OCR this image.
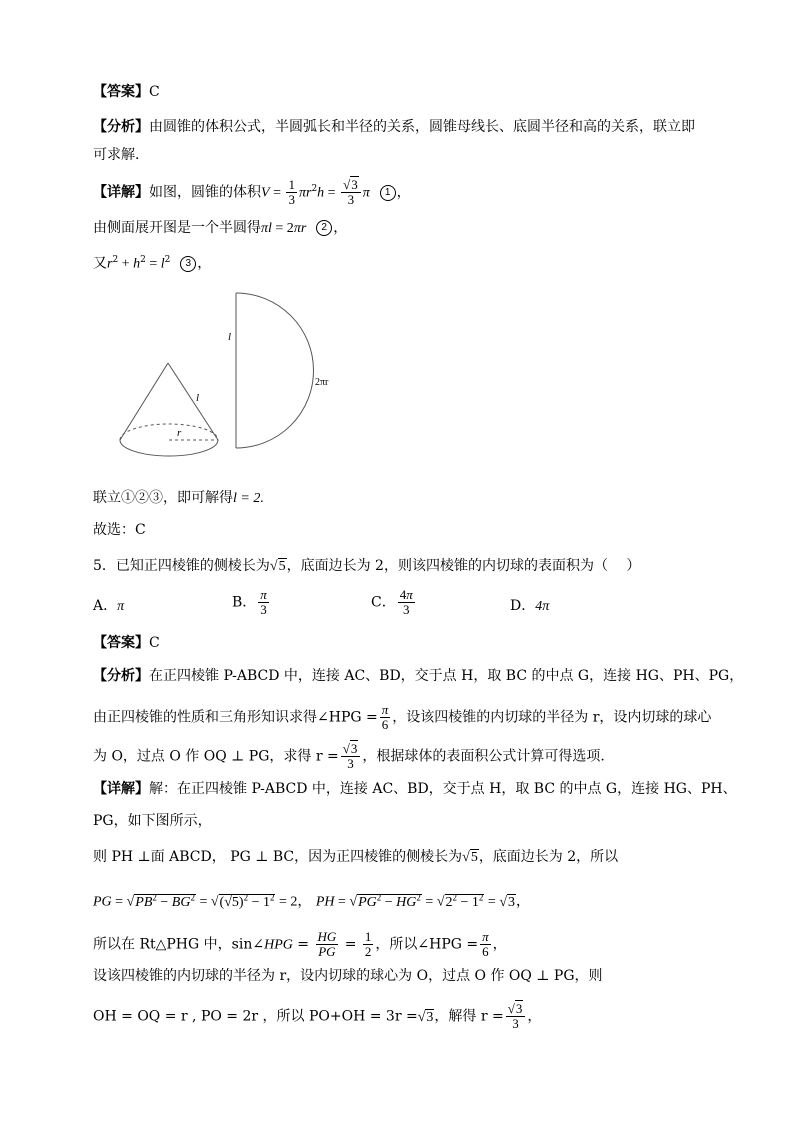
【答案】C
【分析】由圆锥的体积公式，半圆弧长和半径的关系，圆锥母线长、底圆半径和高的关系，联立即
可求解.
【详解】如图，圆锥的体积$V = \frac{1}{3} \pi r^2h = \frac{√3}{3}$ π 1 ，
由侧面展开图是一个半圆得πl = 2πr 2 ，
又$r^2 + h^2 = l^2$ 3 ，
l
r
l
2πr
联立①②③，即可解得l = 2.
故选：C
5．已知正四棱锥的侧棱长为√5，底面边长为 2，则该四棱锥的内切球的表面积为（　 ）
A．π	B． $\frac{\pi}{3}$	C． $\frac{4\pi}{3}$	D．4π
【答案】C
【分析】在正四棱锥 P-ABCD 中，连接 AC、BD，交于点 H，取 BC 的中点 G，连接 HG、PH、PG，
由正四棱锥的性质和三角形知识求得∠HPG = $\frac{\pi}{6}$ ，设该四棱锥的内切球的半径为 r，设内切球的球心
为 O，过点 O 作 OQ ⊥ PG，求得 $r = \frac{√3}{3}$ ，根据球体的表面积公式计算可得选项.
【详解】解：在正四棱锥 P-ABCD 中，连接 AC、BD，交于点 H，取 BC 的中点 G，连接 HG、PH、
PG，如下图所示，
则 PH ⊥面 ABCD， PG ⊥ BC，因为正四棱锥的侧棱长为√5，底面边长为 2，所以
PG = $√PB^2 - BG^2 = √(√5)^2 - 1^2 = 2$， PH = $√PG^2 - HG^2 = √2^2 - 1^2 = √3$，
所以在 Rt△PHG 中，sin∠HPG = $\frac{HG}{PG} = \frac{1}{2}$ ，所以∠HPG = $\frac{\pi}{6}$ ，
设该四棱锥的内切球的半径为 r，设内切球的球心为 O，过点 O 作 OQ ⊥ PG，则
OH = OQ = r , PO = 2r ，所以 PO+OH = 3r =√3，解得 $r = \frac{√3}{3}$ ，
